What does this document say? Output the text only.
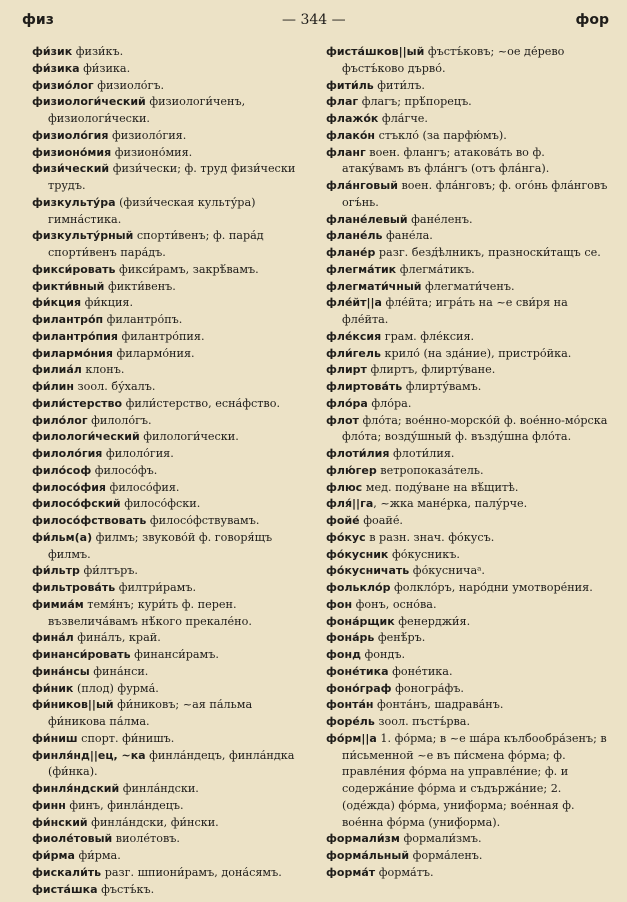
физ	— 344 —	фор
фи́зик физи́къ.
фи́зика фи́зика.
физио́лог физиоло́гъ.
физиологи́ческий физиологи́ченъ, физиологи́чески.
физиоло́гия физиоло́гия.
физионо́мия физионо́мия.
физи́ческий физи́чески; ф. труд физи́чески трудъ.
физкульту́ра (физи́ческая культу́ра) гимна́стика.
физкульту́рный спорти́венъ; ф. пара́д спорти́венъ пара́дъ.
фикси́ровать фикси́рамъ, закрѣ́вамъ.
фикти́вный фикти́венъ.
фи́кция фи́кция.
филантро́п филантро́пъ.
филантро́пия филантро́пия.
филармо́ния филармо́ния.
филиа́л клонъ.
фи́лин зоол. бу́халъ.
фили́стерство фили́стерство, есна́фство.
фило́лог филоло́гъ.
филологи́ческий филологи́чески.
филоло́гия филоло́гия.
фило́соф филосо́фъ.
филосо́фия филосо́фия.
филосо́фский филосо́фски.
филосо́фствовать филосо́фствувамъ.
фи́льм(а) филмъ; звуково́й ф. говоря́щъ филмъ.
фи́льтр фи́лтъръ.
фильтрова́ть филтри́рамъ.
фимиа́м темя́нъ; кури́ть ф. перен. възвелича́вамъ нѣ́кого прекале́но.
фина́л фина́лъ, край.
финанси́ровать финанси́рамъ.
фина́нсы фина́нси.
фи́ник (плод) фурма́.
фи́ников||ый фи́никовъ; ~ая па́льма фи́никова па́лма.
фи́ниш спорт. фи́нишъ.
финля́нд||ец, ~ка финла́ндецъ, финла́ндка (фи́нка).
финля́ндский финла́ндски.
финн финъ, финла́ндецъ.
фи́нский финла́ндски, фи́нски.
фиоле́товый виоле́товъ.
фи́рма фи́рма.
фискали́ть разг. шпиони́рамъ, дона́сямъ.
фиста́шка фъстъ́къ.
фиста́шков||ый фъстъ́ковъ; ~ое де́рево фъстъ́ково дърво́.
фити́ль фити́лъ.
флаг флагъ; прѣ́порецъ.
флажо́к фла́гче.
флако́н стъкло́ (за парфю́мъ).
фланг воен. флангъ; атакова́ть во ф. атаку́вамъ въ фла́нгъ (отъ фла́нга).
фла́нговый воен. фла́нговъ; ф. ого́нь фла́нговъ огъ́нь.
флане́левый фане́ленъ.
флане́ль фане́ла.
флане́р разг. безд́ѣлникъ, празноски́тащъ се.
флегма́тик флегма́тикъ.
флегмати́чный флегмати́ченъ.
фле́йт||а фле́йта; игра́ть на ~е сви́ря на фле́йта.
фле́ксия грам. фле́ксия.
фли́гель крило́ (на зда́ние), пристро́йка.
флирт флиртъ, флирту́ване.
флиртова́ть флирту́вамъ.
фло́ра фло́ра.
флот фло́та; вое́нно-морско́й ф. вое́нно-мо́рска фло́та; возду́шный ф. възду́шна фло́та.
флоти́лия флоти́лия.
флю́гер ветропоказа́тель.
флюс мед. поду́ване на вѣ́щитѣ.
фля́||га, ~жка мане́рка, палу́рче.
фойе́ фоайе́.
фо́кус в разн. знач. фо́кусъ.
фо́кусник фо́кусникъ.
фо́кусничать фо́кусничаᵃ.
фолькло́р фолкло́ръ, наро́дни умотворе́ния.
фон фонъ, осно́ва.
фона́рщик фенерджи́я.
фона́рь фенѣ́ръ.
фонд фондъ.
фоне́тика фоне́тика.
фоно́граф фоногра́фъ.
фонта́н фонта́нъ, шадрава́нъ.
форе́ль зоол. пъстъ́рва.
фо́рм||а 1. фо́рма; в ~е ша́ра кълбообра́зенъ; в пи́сьменной ~е въ пи́смена фо́рма; ф. правле́ния фо́рма на управле́ние; ф. и содержа́ние фо́рма и съдържа́ние; 2. (оде́жда) фо́рма, униф́орма; вое́нная ф. вое́нна фо́рма (униф́орма).
формали́зм формали́змъ.
форма́льный форма́ленъ.
форма́т форма́тъ.
